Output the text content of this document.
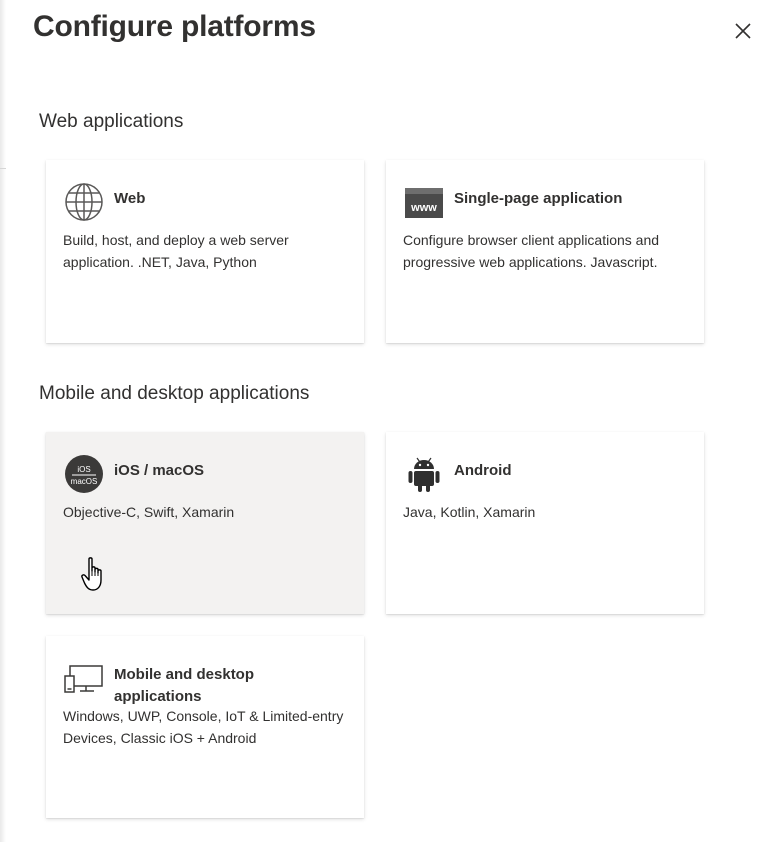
Configure platforms
Web applications
Web
Build, host, and deploy a web server application. .NET, Java, Python
www
Single-page application
Configure browser client applications and progressive web applications. Javascript.
Mobile and desktop applications
iOS
macOS
iOS / macOS
Objective-C, Swift, Xamarin
Android
Java, Kotlin, Xamarin
Mobile and desktop applications
Windows, UWP, Console, IoT & Limited-entry Devices, Classic iOS + Android
